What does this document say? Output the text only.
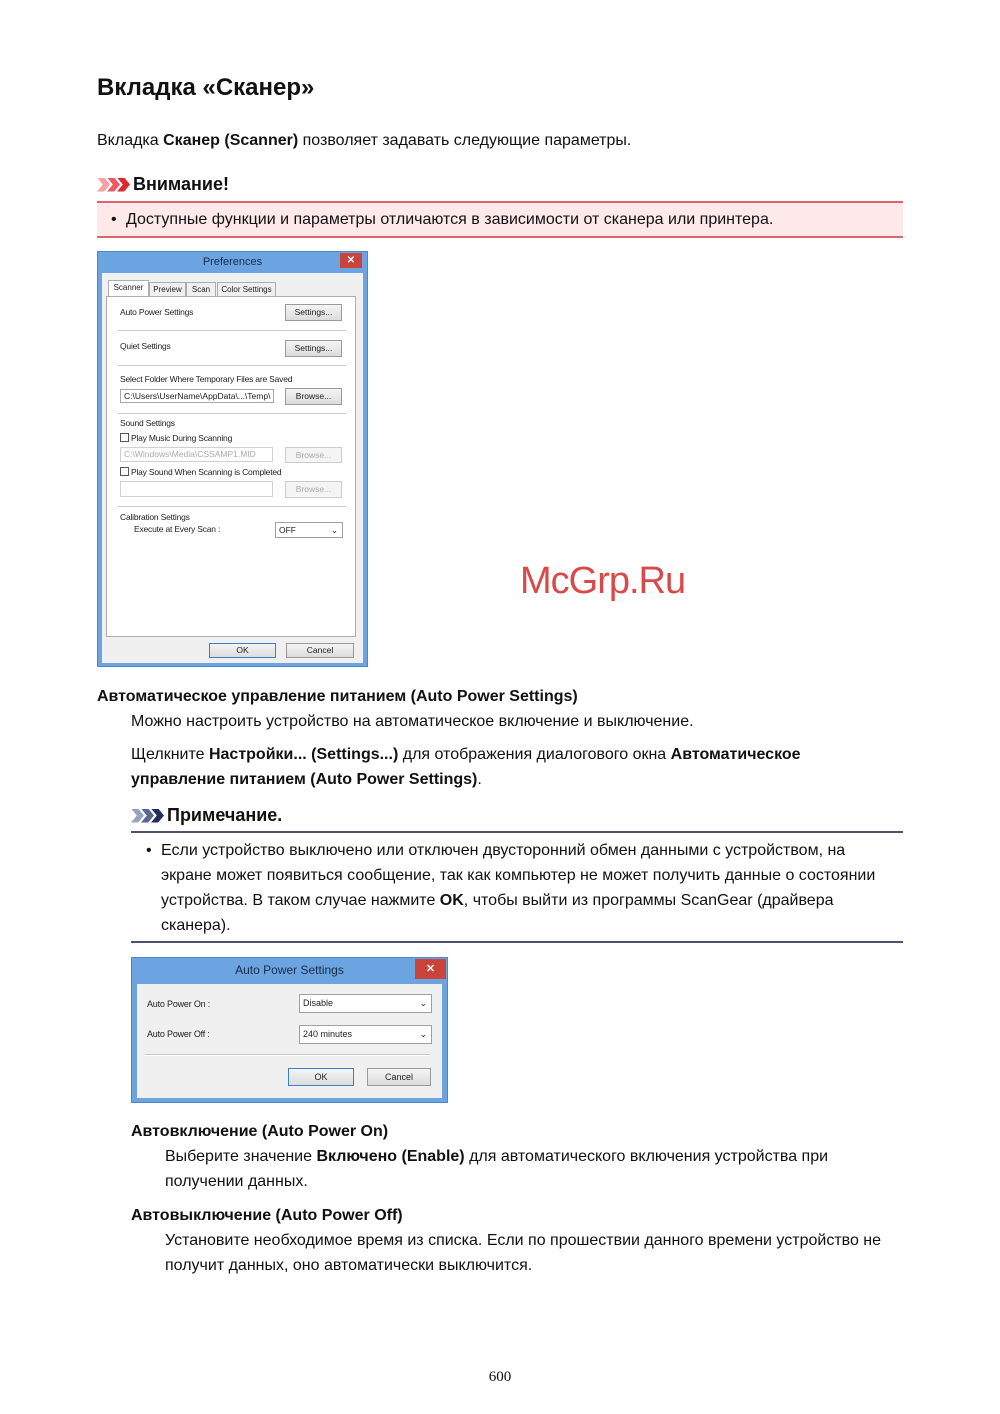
Вкладка «Сканер»
Вкладка Сканер (Scanner) позволяет задавать следующие параметры.
Внимание!
• Доступные функции и параметры отличаются в зависимости от сканера или принтера.
Preferences	✕
Scanner	Preview	Scan	Color Settings
Auto Power Settings	Settings...
Quiet Settings	Settings...
Select Folder Where Temporary Files are Saved
C:\Users\UserName\AppData\...\Temp\	Browse...
Sound Settings
Play Music During Scanning
C:\Windows\Media\CSSAMP1.MID	Browse...
Play Sound When Scanning is Completed
Browse...
Calibration Settings
Execute at Every Scan :	OFF	⌄
OK	Cancel
Автоматическое управление питанием (Auto Power Settings)
Можно настроить устройство на автоматическое включение и выключение.
Щелкните Настройки... (Settings...) для отображения диалогового окна Автоматическое управление питанием (Auto Power Settings).
Примечание.
• Если устройство выключено или отключен двусторонний обмен данными с устройством, на экране может появиться сообщение, так как компьютер не может получить данные о состоянии устройства. В таком случае нажмите OK, чтобы выйти из программы ScanGear (драйвера сканера).
Auto Power Settings	✕
Auto Power On :	Disable	⌄
Auto Power Off :	240 minutes	⌄
OK	Cancel
Автовключение (Auto Power On)
Выберите значение Включено (Enable) для автоматического включения устройства при получении данных.
Автовыключение (Auto Power Off)
Установите необходимое время из списка. Если по прошествии данного времени устройство не получит данных, оно автоматически выключится.
McGrp.Ru
600
